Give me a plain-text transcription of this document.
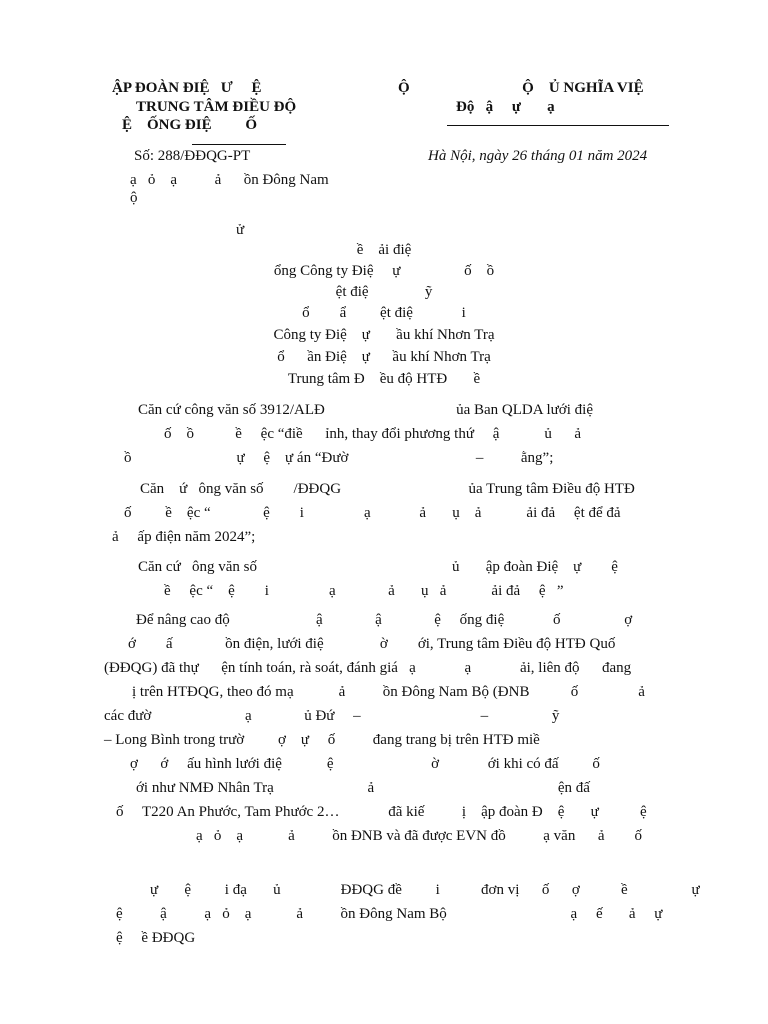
ẬP ĐOÀN ĐIỆ   Ư     Ệ
TRUNG TÂM ĐIỀU ĐỘ
Ệ    ỐNG ĐIỆ         Ố
Ộ                              Ộ    Ủ NGHĨA VIỆ
Độ   ậ     ự       ạ
Số: 288/ĐĐQG-PT	Hà Nội, ngày 26 tháng 01 năm 2024
ạ   ỏ    ạ          ả      ồn Đông Nam
ộ
ử
ề    ải điệ
ổng Công ty Điệ     ự                 ố    ồ
ệt điệ               ỹ
ổ        ẩ         ệt điệ             i
Công ty Điệ    ự       ầu khí Nhơn Trạ
ổ      ần Điệ    ự      ầu khí Nhơn Trạ
Trung tâm Đ    ều độ HTĐ       ề
Căn cứ công văn số 3912/ALĐ                                   ủa Ban QLDA lưới điệ
ố    ồ           ề     ệc “điề      ỉnh, thay đổi phương thứ     ậ            ủ      ả
ồ                            ự     ệ    ự án “Đườ                                  –          ằng”;
Căn    ứ   ông văn số        /ĐĐQG                                  ủa Trung tâm Điều độ HTĐ
ố         ề    ệc “              ệ        i                ạ             ả       ụ    ả            ải đả     ệt để đả
ả     ấp điện năm 2024”;
Căn cứ   ông văn số                                                    ủ       ập đoàn Điệ    ự        ệ
ề     ệc “    ệ        i                ạ              ả       ụ   ả            ải đả     ệ   ”
Để nâng cao độ                       ậ              ậ              ệ     ống điệ             ố                 ợ
ớ        ấ              ồn điện, lưới điệ               ờ        ới, Trung tâm Điều độ HTĐ Quố
(ĐĐQG) đã thự      ện tính toán, rà soát, đánh giá   ạ             ạ             ải, liên độ      đang
ị trên HTĐQG, theo đó mạ            ả          ồn Đông Nam Bộ (ĐNB           ố                ả
các đườ                         ạ              ủ Đứ     –                                –                 ỹ
– Long Bình trong trườ         ợ    ự     ố          đang trang bị trên HTĐ miề
ợ      ớ     ấu hình lưới điệ            ệ                          ờ             ới khi có đấ         ố
ới như NMĐ Nhân Trạ                         ả                                                 ện đấ
ố     T220 An Phước, Tam Phước 2…             đã kiế          ị    ập đoàn Đ    ệ       ự           ệ
ạ   ỏ    ạ            ả          ồn ĐNB và đã được EVN đồ          ạ văn      ả        ố
ự       ệ         i đạ       ủ                ĐĐQG đề         i           đơn vị      ố      ợ           ề                 ự
ệ          ậ          ạ   ỏ    ạ            ả          ồn Đông Nam Bộ                                 ạ     ế       ả     ự
ệ     ề ĐĐQG
